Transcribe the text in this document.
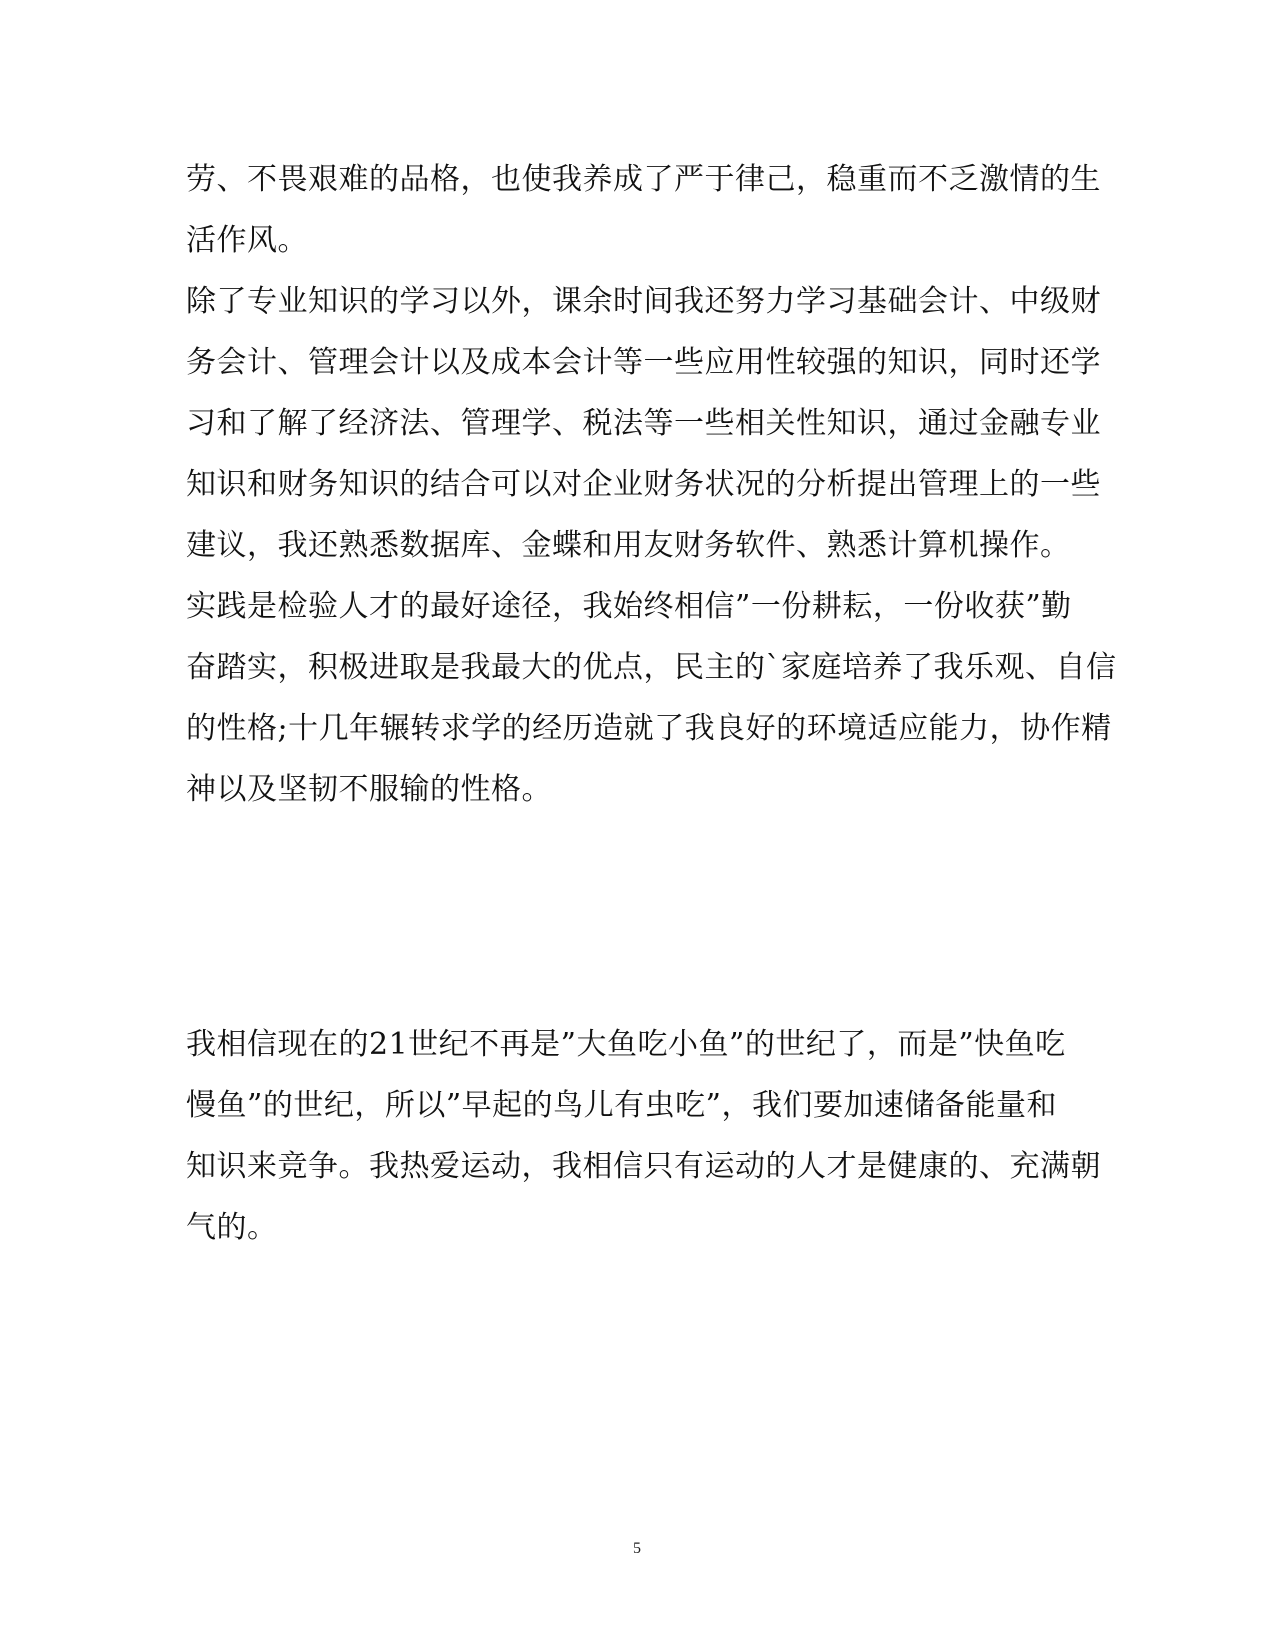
劳、不畏艰难的品格，也使我养成了严于律己，稳重而不乏激情的生
活作风。
除了专业知识的学习以外，课余时间我还努力学习基础会计、中级财
务会计、管理会计以及成本会计等一些应用性较强的知识，同时还学
习和了解了经济法、管理学、税法等一些相关性知识，通过金融专业
知识和财务知识的结合可以对企业财务状况的分析提出管理上的一些
建议，我还熟悉数据库、金蝶和用友财务软件、熟悉计算机操作。
实践是检验人才的最好途径，我始终相信”一份耕耘，一份收获”勤
奋踏实，积极进取是我最大的优点，民主的`家庭培养了我乐观、自信
的性格;十几年辗转求学的经历造就了我良好的环境适应能力，协作精
神以及坚韧不服输的性格。
我相信现在的21世纪不再是”大鱼吃小鱼”的世纪了，而是”快鱼吃
慢鱼”的世纪，所以”早起的鸟儿有虫吃”，我们要加速储备能量和
知识来竞争。我热爱运动，我相信只有运动的人才是健康的、充满朝
气的。
5
